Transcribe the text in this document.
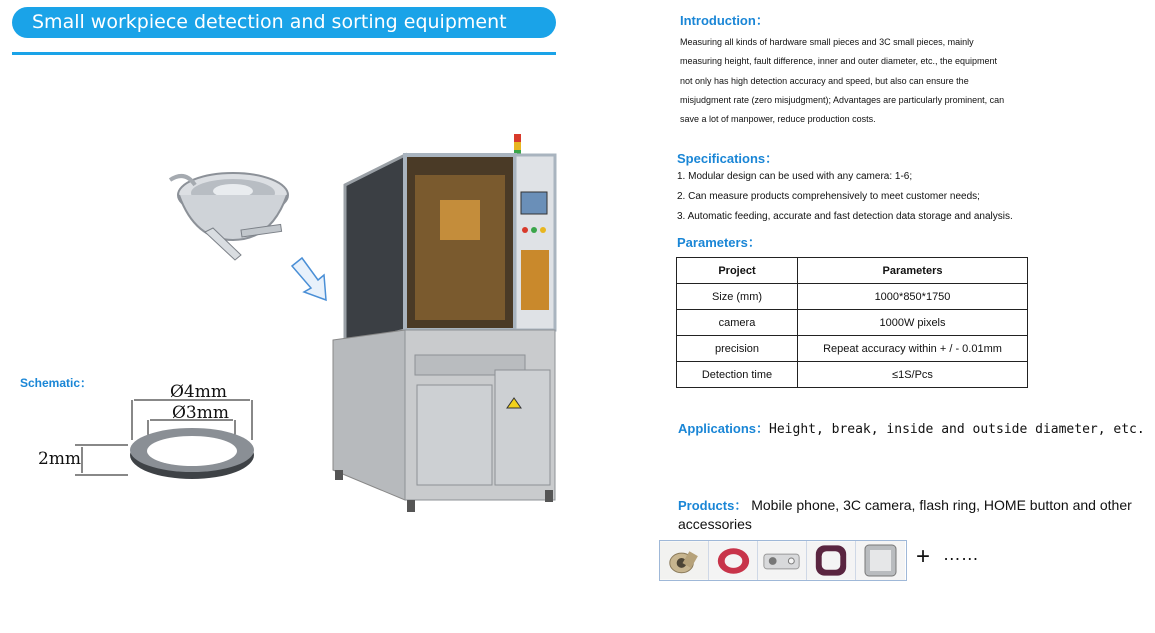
Small workpiece detection and sorting equipment
Schematic：	Ø4mm
Ø3mm
2mm
Introduction：
Measuring all kinds of hardware small pieces and 3C small pieces, mainly
measuring height, fault difference, inner and outer diameter, etc., the equipment
not only has high detection accuracy and speed, but also can ensure the
misjudgment rate (zero misjudgment); Advantages are particularly prominent, can
save a lot of manpower, reduce production costs.
Specifications：
1. Modular design can be used with any camera: 1-6;
2. Can measure products comprehensively to meet customer needs;
3. Automatic feeding, accurate and fast detection data storage and analysis.
Parameters：
Project	Parameters
Size (mm)	1000*850*1750
camera	1000W pixels
precision	Repeat accuracy within + / - 0.01mm
Detection time	≤1S/Pcs
Applications：Height, break, inside and outside diameter, etc.
Products： Mobile phone, 3C camera, flash ring, HOME button and other accessories
+ ……
